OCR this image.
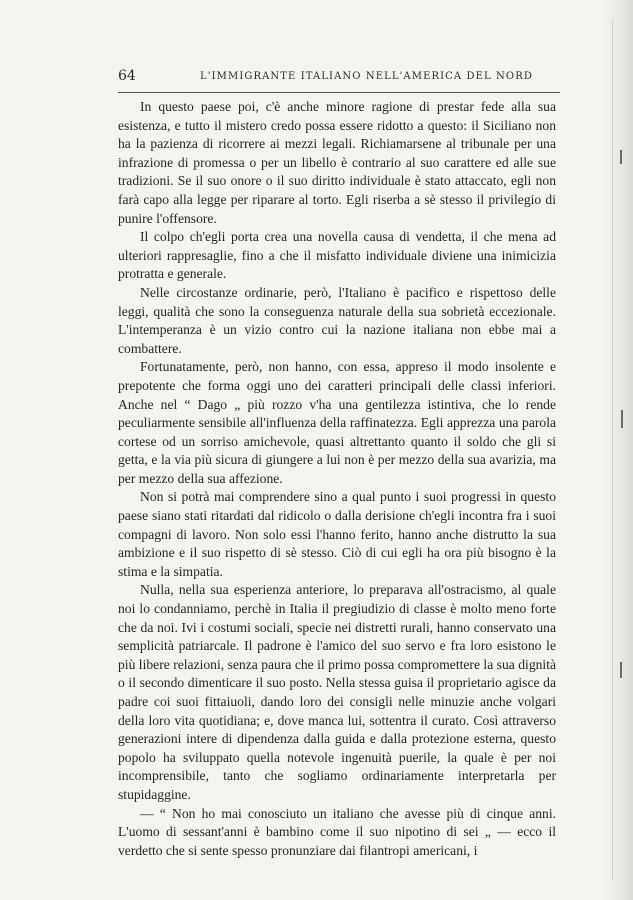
64	L'IMMIGRANTE ITALIANO NELL'AMERICA DEL NORD

In questo paese poi, c'è anche minore ragione di prestar fede alla sua esistenza, e tutto il mistero credo possa essere ridotto a questo: il Siciliano non ha la pazienza di ricorrere ai mezzi legali. Richiamarsene al tribunale per una infrazione di promessa o per un libello è contrario al suo carattere ed alle sue tradizioni. Se il suo onore o il suo diritto individuale è stato attaccato, egli non farà capo alla legge per riparare al torto. Egli riserba a sè stesso il privilegio di punire l'offensore.

Il colpo ch'egli porta crea una novella causa di vendetta, il che mena ad ulteriori rappresaglie, fino a che il misfatto individuale diviene una inimicizia protratta e generale.

Nelle circostanze ordinarie, però, l'Italiano è pacifico e rispettoso delle leggi, qualità che sono la conseguenza naturale della sua sobrietà eccezionale. L'intemperanza è un vizio contro cui la nazione italiana non ebbe mai a combattere.

Fortunatamente, però, non hanno, con essa, appreso il modo insolente e prepotente che forma oggi uno dei caratteri principali delle classi inferiori. Anche nel “ Dago „ più rozzo v'ha una gentilezza istintiva, che lo rende peculiarmente sensibile all'influenza della raffinatezza. Egli apprezza una parola cortese od un sorriso amichevole, quasi altrettanto quanto il soldo che gli si getta, e la via più sicura di giungere a lui non è per mezzo della sua avarizia, ma per mezzo della sua affezione.

Non si potrà mai comprendere sino a qual punto i suoi progressi in questo paese siano stati ritardati dal ridicolo o dalla derisione ch'egli incontra fra i suoi compagni di lavoro. Non solo essi l'hanno ferito, hanno anche distrutto la sua ambizione e il suo rispetto di sè stesso. Ciò di cui egli ha ora più bisogno è la stima e la simpatia.

Nulla, nella sua esperienza anteriore, lo preparava all'ostracismo, al quale noi lo condanniamo, perchè in Italia il pregiudizio di classe è molto meno forte che da noi. Ivi i costumi sociali, specie nei distretti rurali, hanno conservato una semplicità patriarcale. Il padrone è l'amico del suo servo e fra loro esistono le più libere relazioni, senza paura che il primo possa compromettere la sua dignità o il secondo dimenticare il suo posto. Nella stessa guisa il proprietario agisce da padre coi suoi fittaiuoli, dando loro dei consigli nelle minuzie anche volgari della loro vita quotidiana; e, dove manca lui, sottentra il curato. Così attraverso generazioni intere di dipendenza dalla guida e dalla protezione esterna, questo popolo ha sviluppato quella notevole ingenuità puerile, la quale è per noi incomprensibile, tanto che sogliamo ordinariamente interpretarla per stupidaggine.

— “ Non ho mai conosciuto un italiano che avesse più di cinque anni. L'uomo di sessant'anni è bambino come il suo nipotino di sei „ — ecco il verdetto che si sente spesso pronunziare dai filantropi americani, i
